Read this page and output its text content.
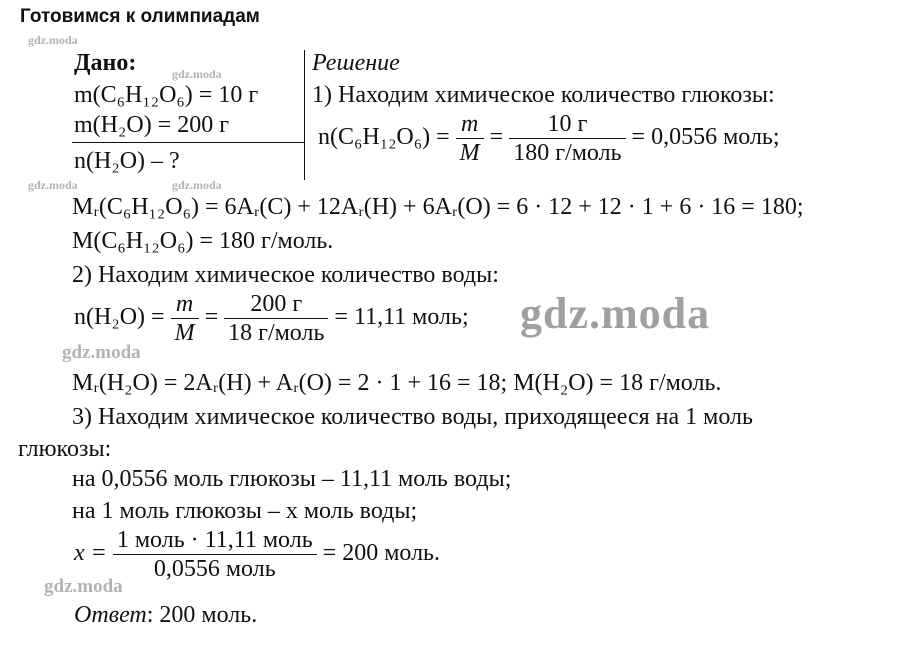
Готовимся к олимпиадам
gdz.moda
gdz.moda
gdz.moda	gdz.moda
gdz.moda
gdz.moda
Дано:
m(C₆H₁₂O₆) = 10 г
m(H₂O) = 200 г
n(H₂O) – ?
Решение
1) Находим химическое количество глюкозы:
$n(C_6H_{12}O_6) = \frac{m}{M} = \frac{10 г}{\text{180 г/моль}} = 0,0556$ моль;
Mᵣ(C₆H₁₂O₆) = 6Aᵣ(C) + 12Aᵣ(H) + 6Aᵣ(O) = 6 · 12 + 12 · 1 + 6 · 16 = 180;
M(C₆H₁₂O₆) = 180 г/моль.
2) Находим химическое количество воды:
$n(H_2O) = \frac{m}{M} = \frac{200 г}{\text{18 г/моль}} = 11,11$ моль; gdz.moda
Mᵣ(H₂O) = 2Aᵣ(H) + Aᵣ(O) = 2 · 1 + 16 = 18; M(H₂O) = 18 г/моль.
3) Находим химическое количество воды, приходящееся на 1 моль
глюкозы:
на 0,0556 моль глюкозы – 11,11 моль воды;
на 1 моль глюкозы – x моль воды;
$x = \frac{\text{1 моль · 11,11 моль}}{\text{0,0556 моль}} = 200$ моль.
Ответ: 200 моль.
